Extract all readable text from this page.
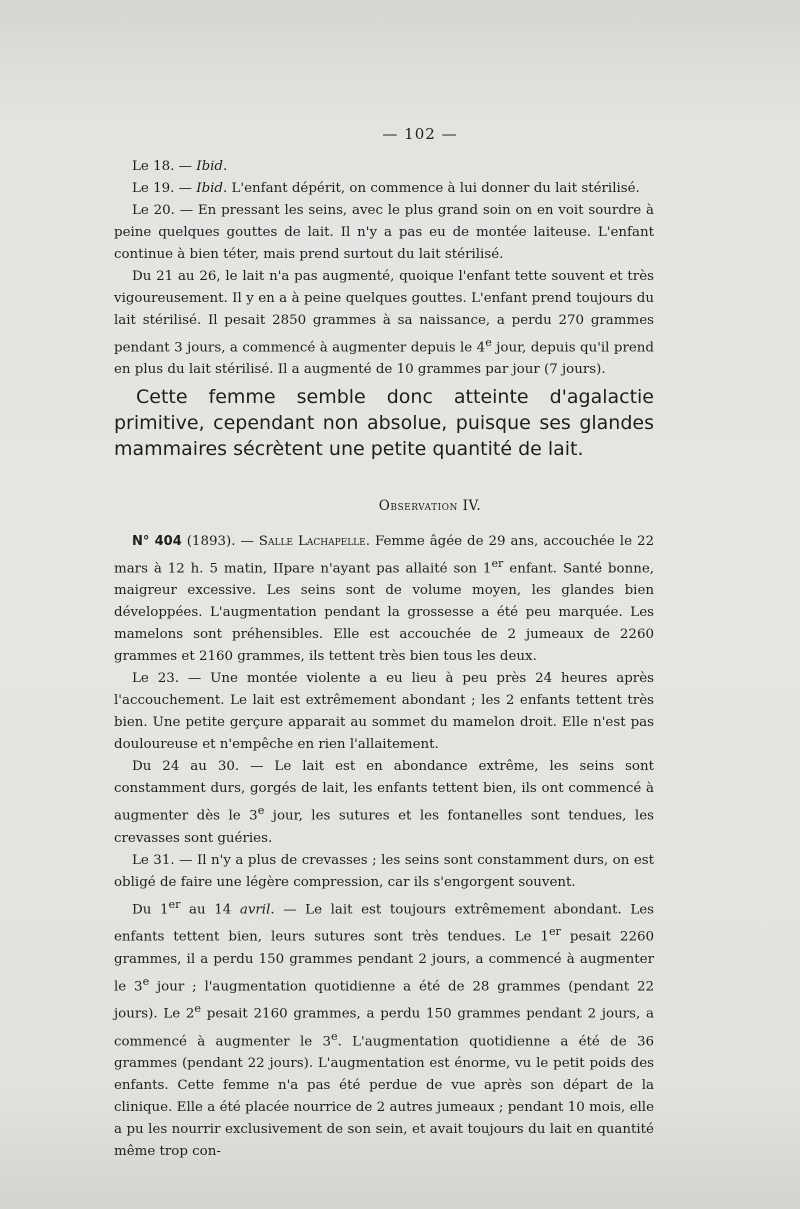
— 102 —

Le 18. — Ibid.

Le 19. — Ibid. L'enfant dépérit, on commence à lui donner du lait stérilisé.

Le 20. — En pressant les seins, avec le plus grand soin on en voit sourdre à peine quelques gouttes de lait. Il n'y a pas eu de montée laiteuse. L'enfant continue à bien téter, mais prend surtout du lait stérilisé.

Du 21 au 26, le lait n'a pas augmenté, quoique l'enfant tette souvent et très vigoureusement. Il y en a à peine quelques gouttes. L'enfant prend toujours du lait stérilisé. Il pesait 2850 grammes à sa naissance, a perdu 270 grammes pendant 3 jours, a commencé à augmenter depuis le 4e jour, depuis qu'il prend en plus du lait stérilisé. Il a augmenté de 10 grammes par jour (7 jours).

Cette femme semble donc atteinte d'agalactie primitive, cependant non absolue, puisque ses glandes mammaires sécrètent une petite quantité de lait.

Observation IV.

N° 404 (1893). — Salle Lachapelle. Femme âgée de 29 ans, accouchée le 22 mars à 12 h. 5 matin, IIpare n'ayant pas allaité son 1er enfant. Santé bonne, maigreur excessive. Les seins sont de volume moyen, les glandes bien développées. L'augmentation pendant la grossesse a été peu marquée. Les mamelons sont préhensibles. Elle est accouchée de 2 jumeaux de 2260 grammes et 2160 grammes, ils tettent très bien tous les deux.

Le 23. — Une montée violente a eu lieu à peu près 24 heures après l'accouchement. Le lait est extrêmement abondant ; les 2 enfants tettent très bien. Une petite gerçure apparait au sommet du mamelon droit. Elle n'est pas douloureuse et n'empêche en rien l'allaitement.

Du 24 au 30. — Le lait est en abondance extrême, les seins sont constamment durs, gorgés de lait, les enfants tettent bien, ils ont commencé à augmenter dès le 3e jour, les sutures et les fontanelles sont tendues, les crevasses sont guéries.

Le 31. — Il n'y a plus de crevasses ; les seins sont constamment durs, on est obligé de faire une légère compression, car ils s'engorgent souvent.

Du 1er au 14 avril. — Le lait est toujours extrêmement abondant. Les enfants tettent bien, leurs sutures sont très tendues. Le 1er pesait 2260 grammes, il a perdu 150 grammes pendant 2 jours, a commencé à augmenter le 3e jour ; l'augmentation quotidienne a été de 28 grammes (pendant 22 jours). Le 2e pesait 2160 grammes, a perdu 150 grammes pendant 2 jours, a commencé à augmenter le 3e. L'augmentation quotidienne a été de 36 grammes (pendant 22 jours). L'augmentation est énorme, vu le petit poids des enfants. Cette femme n'a pas été perdue de vue après son départ de la clinique. Elle a été placée nourrice de 2 autres jumeaux ; pendant 10 mois, elle a pu les nourrir exclusivement de son sein, et avait toujours du lait en quantité même trop con-
